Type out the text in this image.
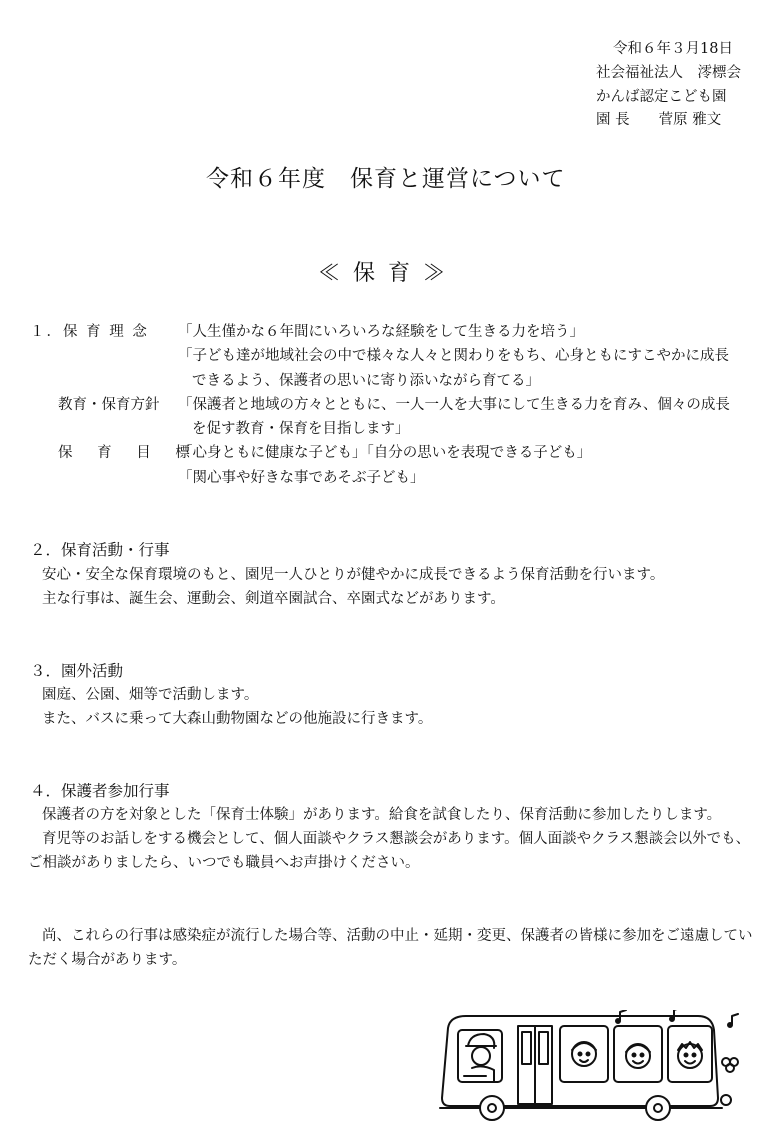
令和６年３月18日
社会福祉法人　澪標会
かんば認定こども園
園 長　　菅原 雅文
令和６年度　保育と運営について
≪ 保 育 ≫
１．保 育 理 念 「人生僅かな６年間にいろいろな経験をして生きる力を培う」
「子ども達が地域社会の中で様々な人々と関わりをもち、心身ともにすこやかに成長
できるよう、保護者の思いに寄り添いながら育てる」
教育・保育方針 「保護者と地域の方々とともに、一人一人を大事にして生きる力を育み、個々の成長
を促す教育・保育を目指します」
保 育 目 標
「心身ともに健康な子ども」「自分の思いを表現できる子ども」
「関心事や好きな事であそぶ子ども」
２．保育活動・行事
安心・安全な保育環境のもと、園児一人ひとりが健やかに成長できるよう保育活動を行います。
主な行事は、誕生会、運動会、剣道卒園試合、卒園式などがあります。
３．園外活動
園庭、公園、畑等で活動します。
また、バスに乗って大森山動物園などの他施設に行きます。
４．保護者参加行事
保護者の方を対象とした「保育士体験」があります。給食を試食したり、保育活動に参加したりします。
育児等のお話しをする機会として、個人面談やクラス懇談会があります。個人面談やクラス懇談会以外でも、
ご相談がありましたら、いつでも職員へお声掛けください。
尚、これらの行事は感染症が流行した場合等、活動の中止・延期・変更、保護者の皆様に参加をご遠慮してい
ただく場合があります。
